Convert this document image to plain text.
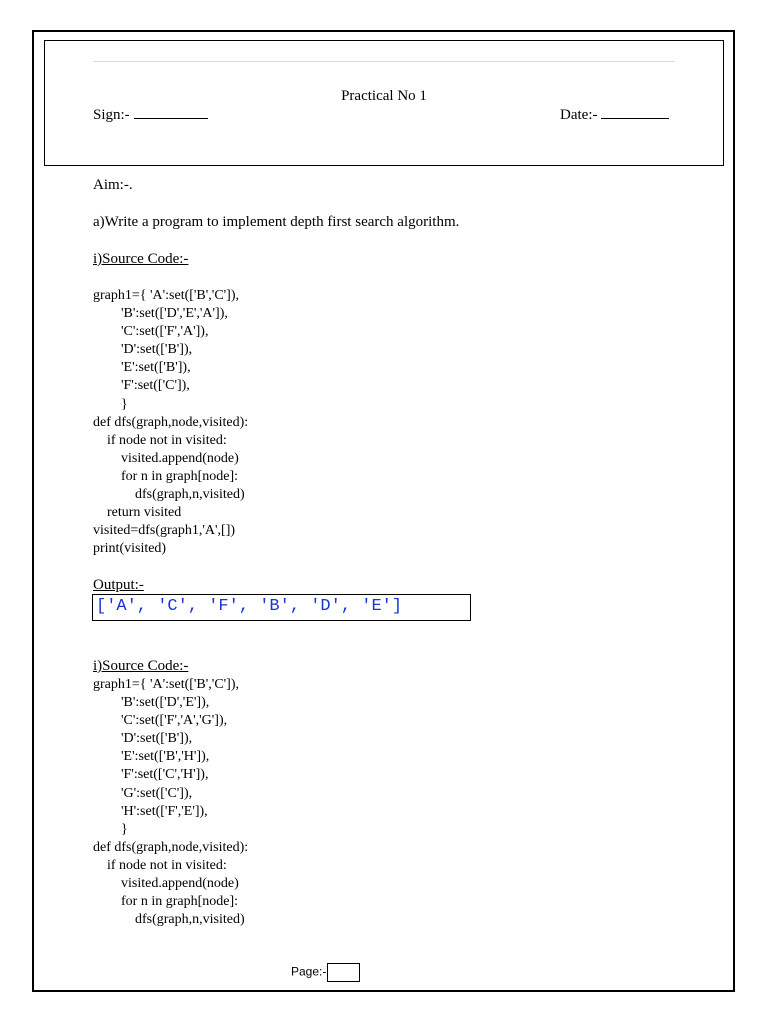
Practical No 1
Sign:-	Date:-
Aim:-.
a)Write a program to implement depth first search algorithm.
i)Source Code:-
graph1={ 'A':set(['B','C']),
'B':set(['D','E','A']),
'C':set(['F','A']),
'D':set(['B']),
'E':set(['B']),
'F':set(['C']),
}
def dfs(graph,node,visited):
if node not in visited:
visited.append(node)
for n in graph[node]:
dfs(graph,n,visited)
return visited
visited=dfs(graph1,'A',[])
print(visited)
Output:-
['A', 'C', 'F', 'B', 'D', 'E']
i)Source Code:-
graph1={ 'A':set(['B','C']),
'B':set(['D','E']),
'C':set(['F','A','G']),
'D':set(['B']),
'E':set(['B','H']),
'F':set(['C','H']),
'G':set(['C']),
'H':set(['F','E']),
}
def dfs(graph,node,visited):
if node not in visited:
visited.append(node)
for n in graph[node]:
dfs(graph,n,visited)
Page:-
